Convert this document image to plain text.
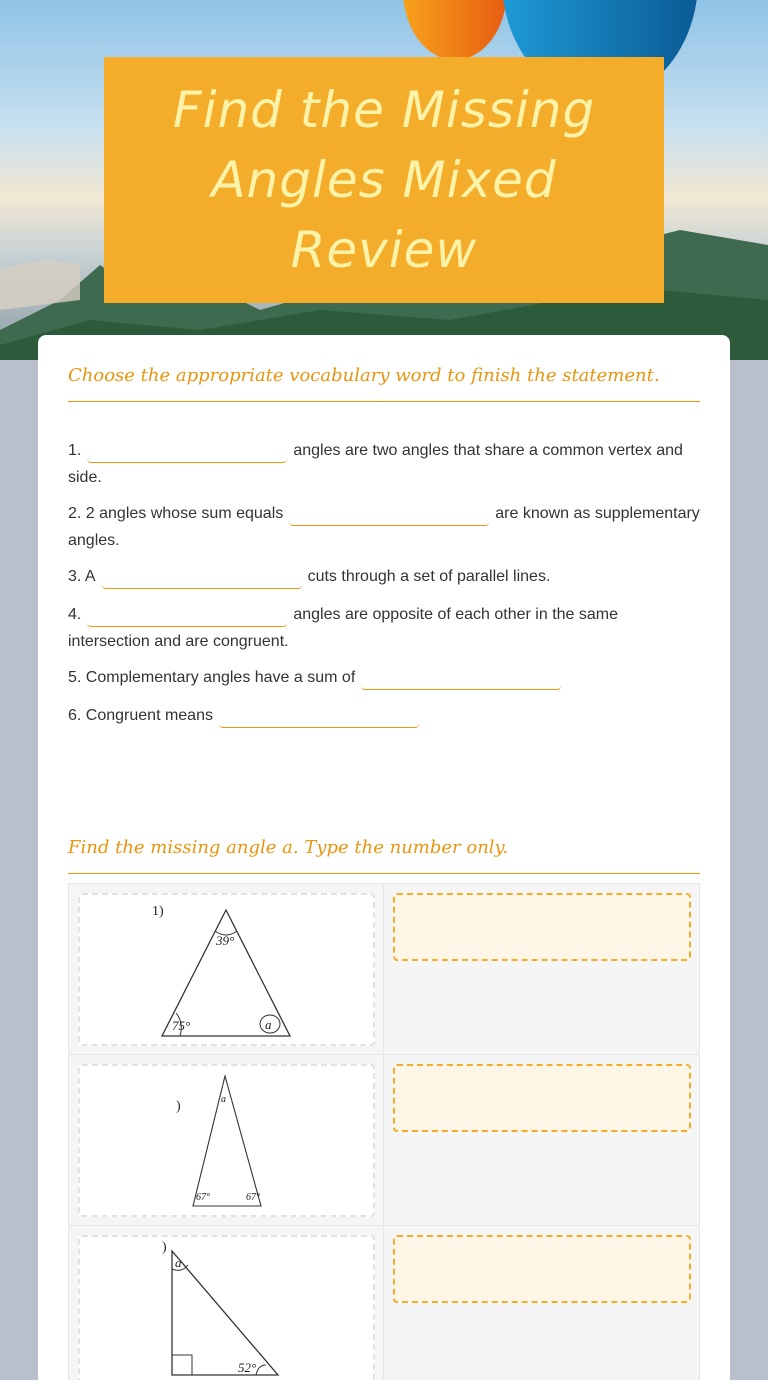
Find the Missing Angles Mixed Review
Choose the appropriate vocabulary word to finish the statement.
1.	angles are two angles that share a common vertex and side.
2. 2 angles whose sum equals	are known as supplementary angles.
3. A	cuts through a set of parallel lines.
4.	angles are opposite of each other in the same intersection and are congruent.
5. Complementary angles have a sum of
6. Congruent means
Find the missing angle a. Type the number only.
1)
39°
75°	a
)	a
67°	67°
)
a
52°
